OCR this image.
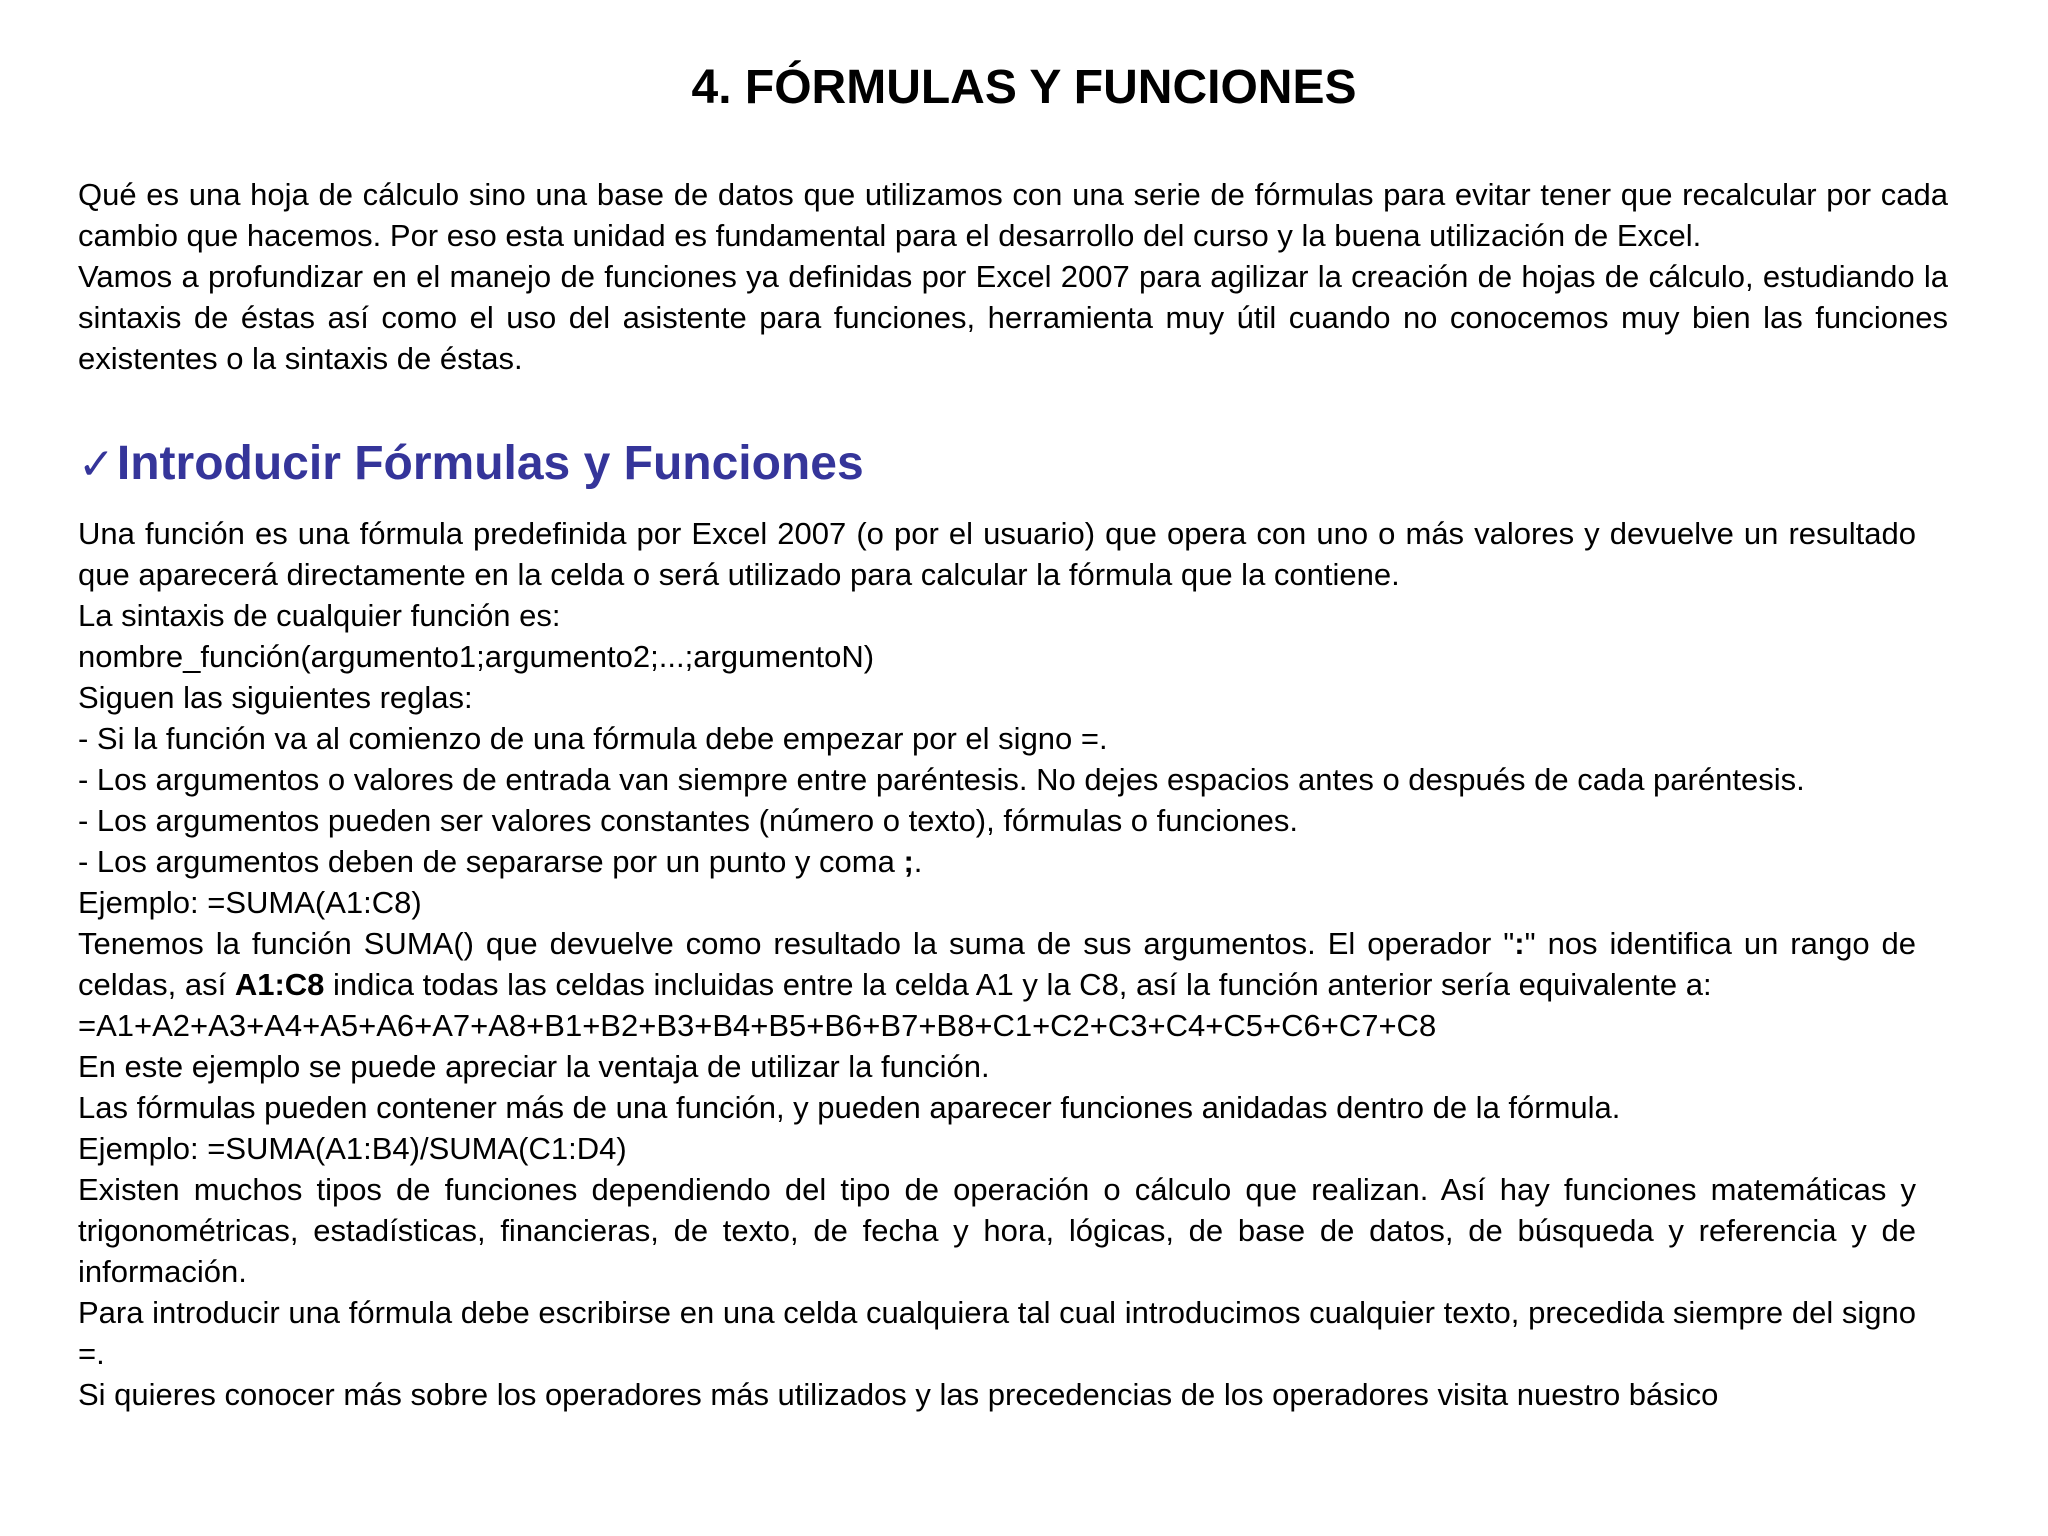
4. FÓRMULAS Y FUNCIONES

Qué es una hoja de cálculo sino una base de datos que utilizamos con una serie de fórmulas para evitar tener que recalcular por cada cambio que hacemos. Por eso esta unidad es fundamental para el desarrollo del curso y la buena utilización de Excel.

Vamos a profundizar en el manejo de funciones ya definidas por Excel 2007 para agilizar la creación de hojas de cálculo, estudiando la sintaxis de éstas así como el uso del asistente para funciones, herramienta muy útil cuando no conocemos muy bien las funciones existentes o la sintaxis de éstas.

✓Introducir Fórmulas y Funciones

Una función es una fórmula predefinida por Excel 2007 (o por el usuario) que opera con uno o más valores y devuelve un resultado que aparecerá directamente en la celda o será utilizado para calcular la fórmula que la contiene.

La sintaxis de cualquier función es:
nombre_función(argumento1;argumento2;...;argumentoN)
Siguen las siguientes reglas:
- Si la función va al comienzo de una fórmula debe empezar por el signo =.

- Los argumentos o valores de entrada van siempre entre paréntesis. No dejes espacios antes o después de cada paréntesis.

- Los argumentos pueden ser valores constantes (número o texto), fórmulas o funciones.
- Los argumentos deben de separarse por un punto y coma ;.
Ejemplo: =SUMA(A1:C8)

Tenemos la función SUMA() que devuelve como resultado la suma de sus argumentos. El operador ":" nos identifica un rango de celdas, así A1:C8 indica todas las celdas incluidas entre la celda A1 y la C8, así la función anterior sería equivalente a:

=A1+A2+A3+A4+A5+A6+A7+A8+B1+B2+B3+B4+B5+B6+B7+B8+C1+C2+C3+C4+C5+C6+C7+C8
En este ejemplo se puede apreciar la ventaja de utilizar la función.
Las fórmulas pueden contener más de una función, y pueden aparecer funciones anidadas dentro de la fórmula.
Ejemplo: =SUMA(A1:B4)/SUMA(C1:D4)

Existen muchos tipos de funciones dependiendo del tipo de operación o cálculo que realizan. Así hay funciones matemáticas y trigonométricas, estadísticas, financieras, de texto, de fecha y hora, lógicas, de base de datos, de búsqueda y referencia y de información.

Para introducir una fórmula debe escribirse en una celda cualquiera tal cual introducimos cualquier texto, precedida siempre del signo =.

Si quieres conocer más sobre los operadores más utilizados y las precedencias de los operadores visita nuestro básico
